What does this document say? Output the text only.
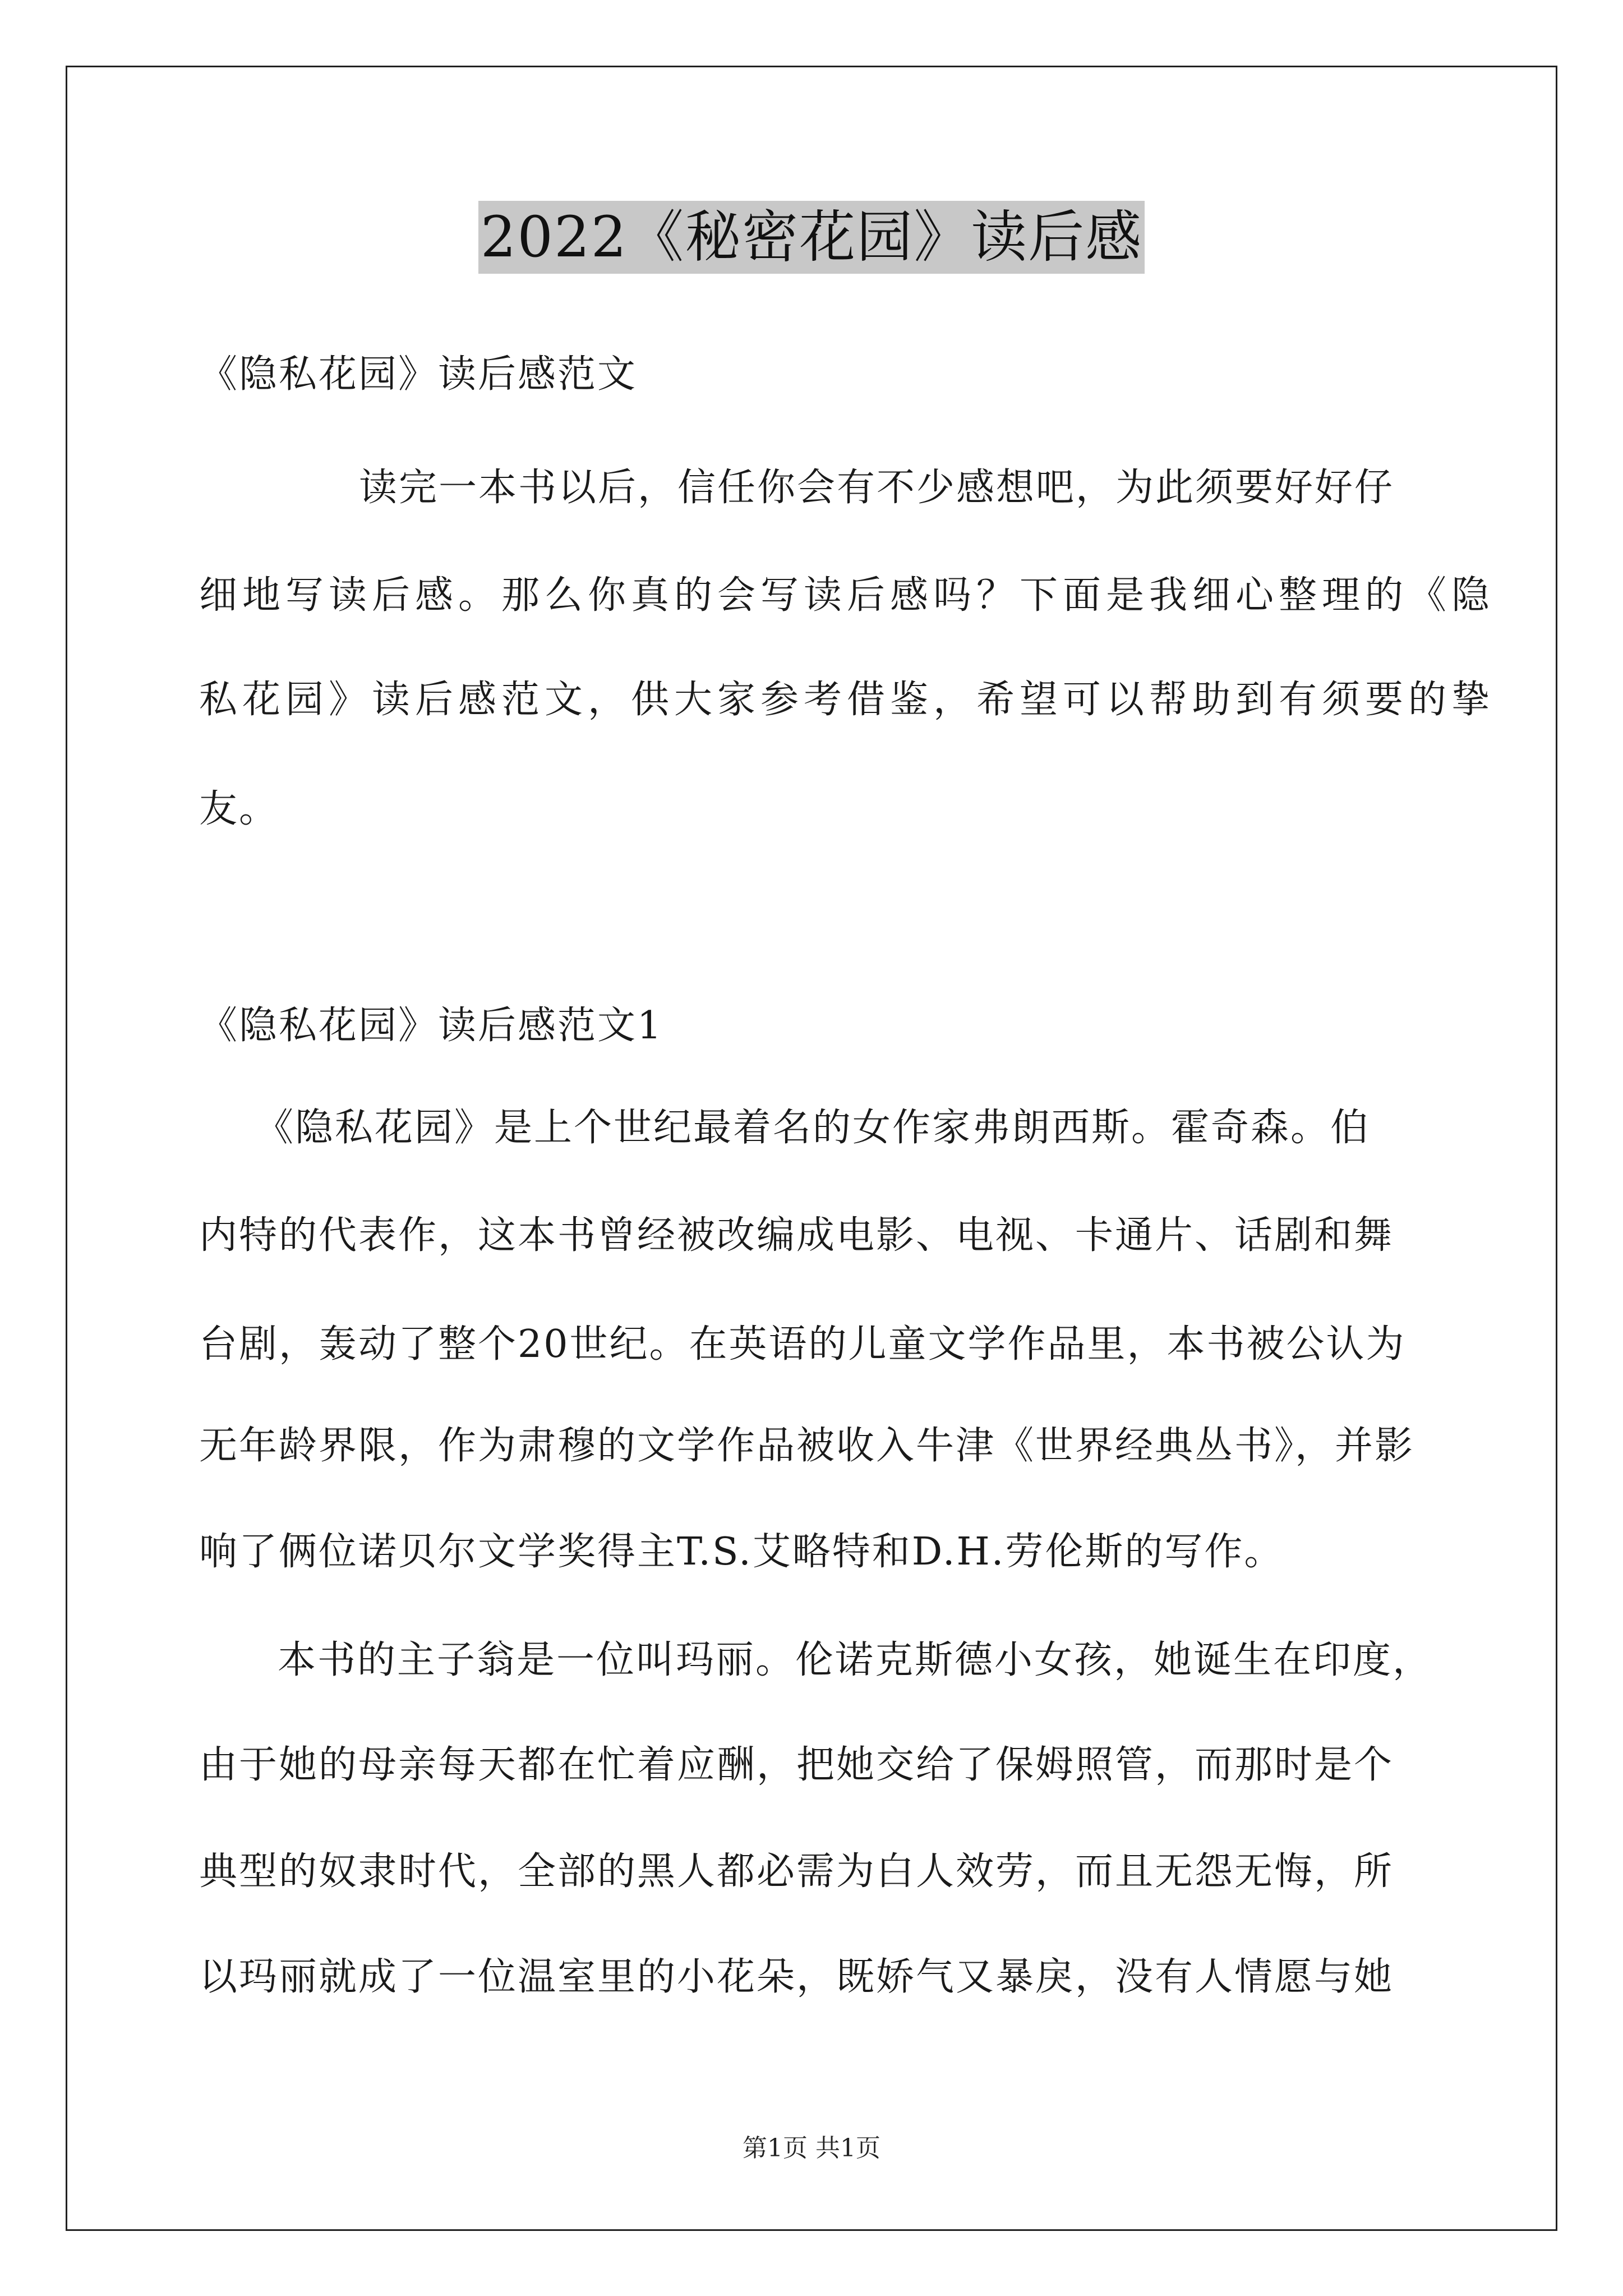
2022《秘密花园》读后感
《隐私花园》读后感范文
读完一本书以后，信任你会有不少感想吧，为此须要好好仔
细地写读后感。那么你真的会写读后感吗？下面是我细心整理的《隐
私花园》读后感范文，供大家参考借鉴，希望可以帮助到有须要的挚
友。
《隐私花园》读后感范文1
《隐私花园》是上个世纪最着名的女作家弗朗西斯。霍奇森。伯
内特的代表作，这本书曾经被改编成电影、电视、卡通片、话剧和舞
台剧，轰动了整个20世纪。在英语的儿童文学作品里，本书被公认为
无年龄界限，作为肃穆的文学作品被收入牛津《世界经典丛书》，并影
响了俩位诺贝尔文学奖得主T.S.艾略特和D.H.劳伦斯的写作。
本书的主子翁是一位叫玛丽。伦诺克斯德小女孩，她诞生在印度，
由于她的母亲每天都在忙着应酬，把她交给了保姆照管，而那时是个
典型的奴隶时代，全部的黑人都必需为白人效劳，而且无怨无悔，所
以玛丽就成了一位温室里的小花朵，既娇气又暴戾，没有人情愿与她
第1页 共1页
